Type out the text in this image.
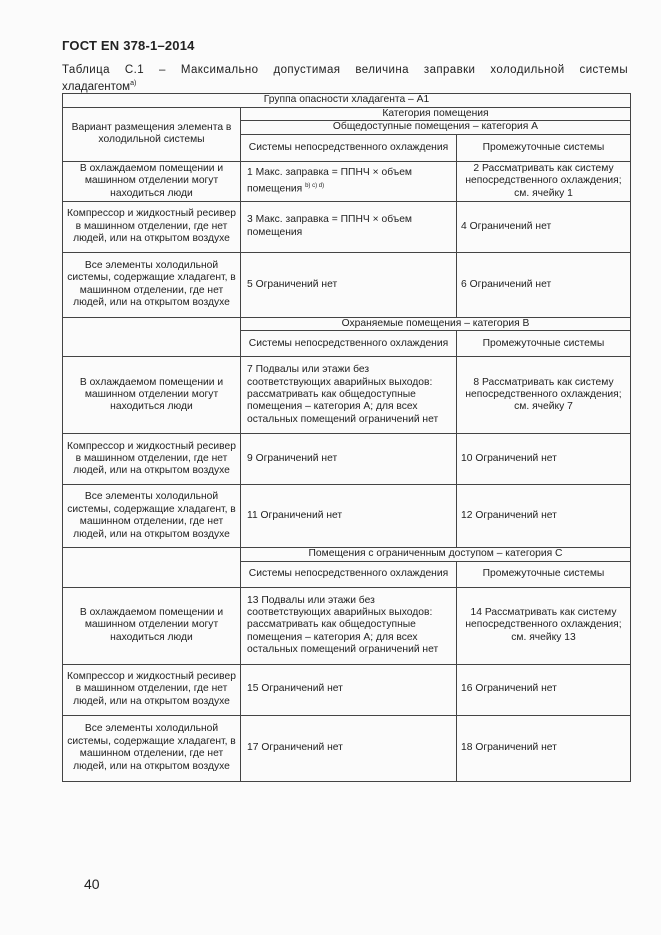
ГОСТ EN 378-1–2014
Таблица С.1 – Максимально допустимая величина заправки холодильной системы
хладагентом$^{a)}$
Группа опасности хладагента – А1		
Вариант размещения элемента в холодильной системы	Категория помещения	
	Общедоступные помещения – категория А	
	Системы непосредственного охлаждения	Промежуточные системы
В охлаждаемом помещении и машинном отделении могут находиться люди	1 Макс. заправка = ППНЧ × объем помещения $^{b) c) d)}$	2 Рассматривать как систему непосредственного охлаждения; см. ячейку 1
Компрессор и жидкостный ресивер в машинном отделении, где нет людей, или на открытом воздухе	3 Макс. заправка = ППНЧ × объем помещения	4 Ограничений нет
Все элементы холодильной системы, содержащие хладагент, в машинном отделении, где нет людей, или на открытом воздухе	5 Ограничений нет	6 Ограничений нет
	Охраняемые помещения – категория В	
	Системы непосредственного охлаждения	Промежуточные системы
В охлаждаемом помещении и машинном отделении могут находиться люди	7 Подвалы или этажи без соответствующих аварийных выходов: рассматривать как общедоступные помещения – категория А; для всех остальных помещений ограничений нет	8 Рассматривать как систему непосредственного охлаждения; см. ячейку 7
Компрессор и жидкостный ресивер в машинном отделении, где нет людей, или на открытом воздухе	9 Ограничений нет	10 Ограничений нет
Все элементы холодильной системы, содержащие хладагент, в машинном отделении, где нет людей, или на открытом воздухе	11 Ограничений нет	12 Ограничений нет
	Помещения с ограниченным доступом – категория С	
	Системы непосредственного охлаждения	Промежуточные системы
В охлаждаемом помещении и машинном отделении могут находиться люди	13 Подвалы или этажи без соответствующих аварийных выходов: рассматривать как общедоступные помещения – категория А; для всех остальных помещений ограничений нет	14 Рассматривать как систему непосредственного охлаждения; см. ячейку 13
Компрессор и жидкостный ресивер в машинном отделении, где нет людей, или на открытом воздухе	15 Ограничений нет	16 Ограничений нет
Все элементы холодильной системы, содержащие хладагент, в машинном отделении, где нет людей, или на открытом воздухе	17 Ограничений нет	18 Ограничений нет
40
